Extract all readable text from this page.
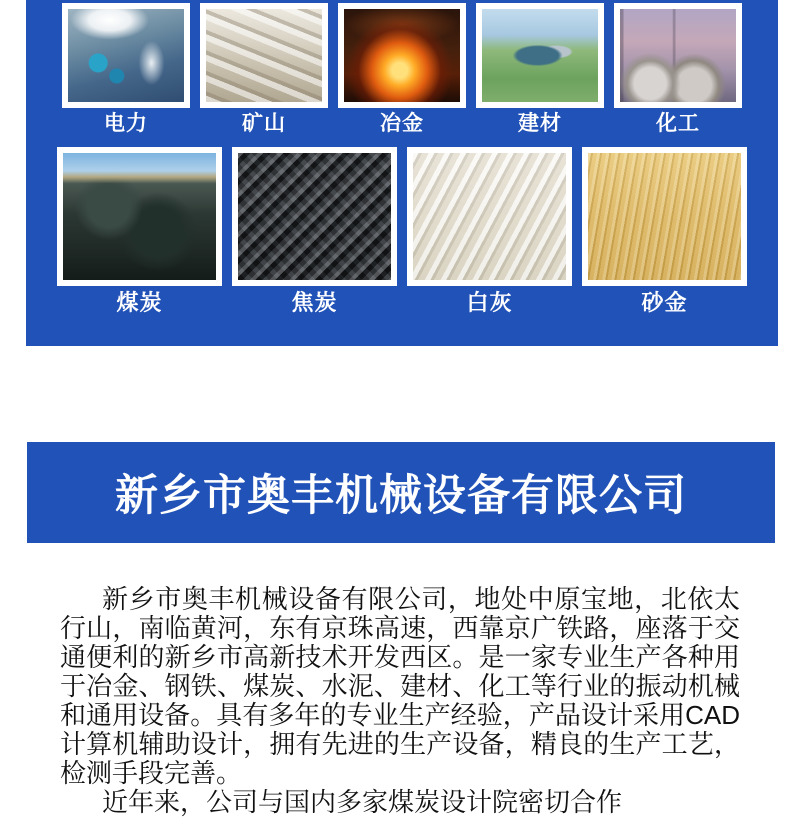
电力	矿山	冶金	建材	化工
煤炭	焦炭	白灰	砂金
新乡市奥丰机械设备有限公司

新乡市奥丰机械设备有限公司，地处中原宝地，北依太行山，南临黄河，东有京珠高速，西靠京广铁路，座落于交通便利的新乡市高新技术开发西区。是一家专业生产各种用于冶金、钢铁、煤炭、水泥、建材、化工等行业的振动机械和通用设备。具有多年的专业生产经验，产品设计采用CAD计算机辅助设计，拥有先进的生产设备，精良的生产工艺，检测手段完善。

近年来，公司与国内多家煤炭设计院密切合作
